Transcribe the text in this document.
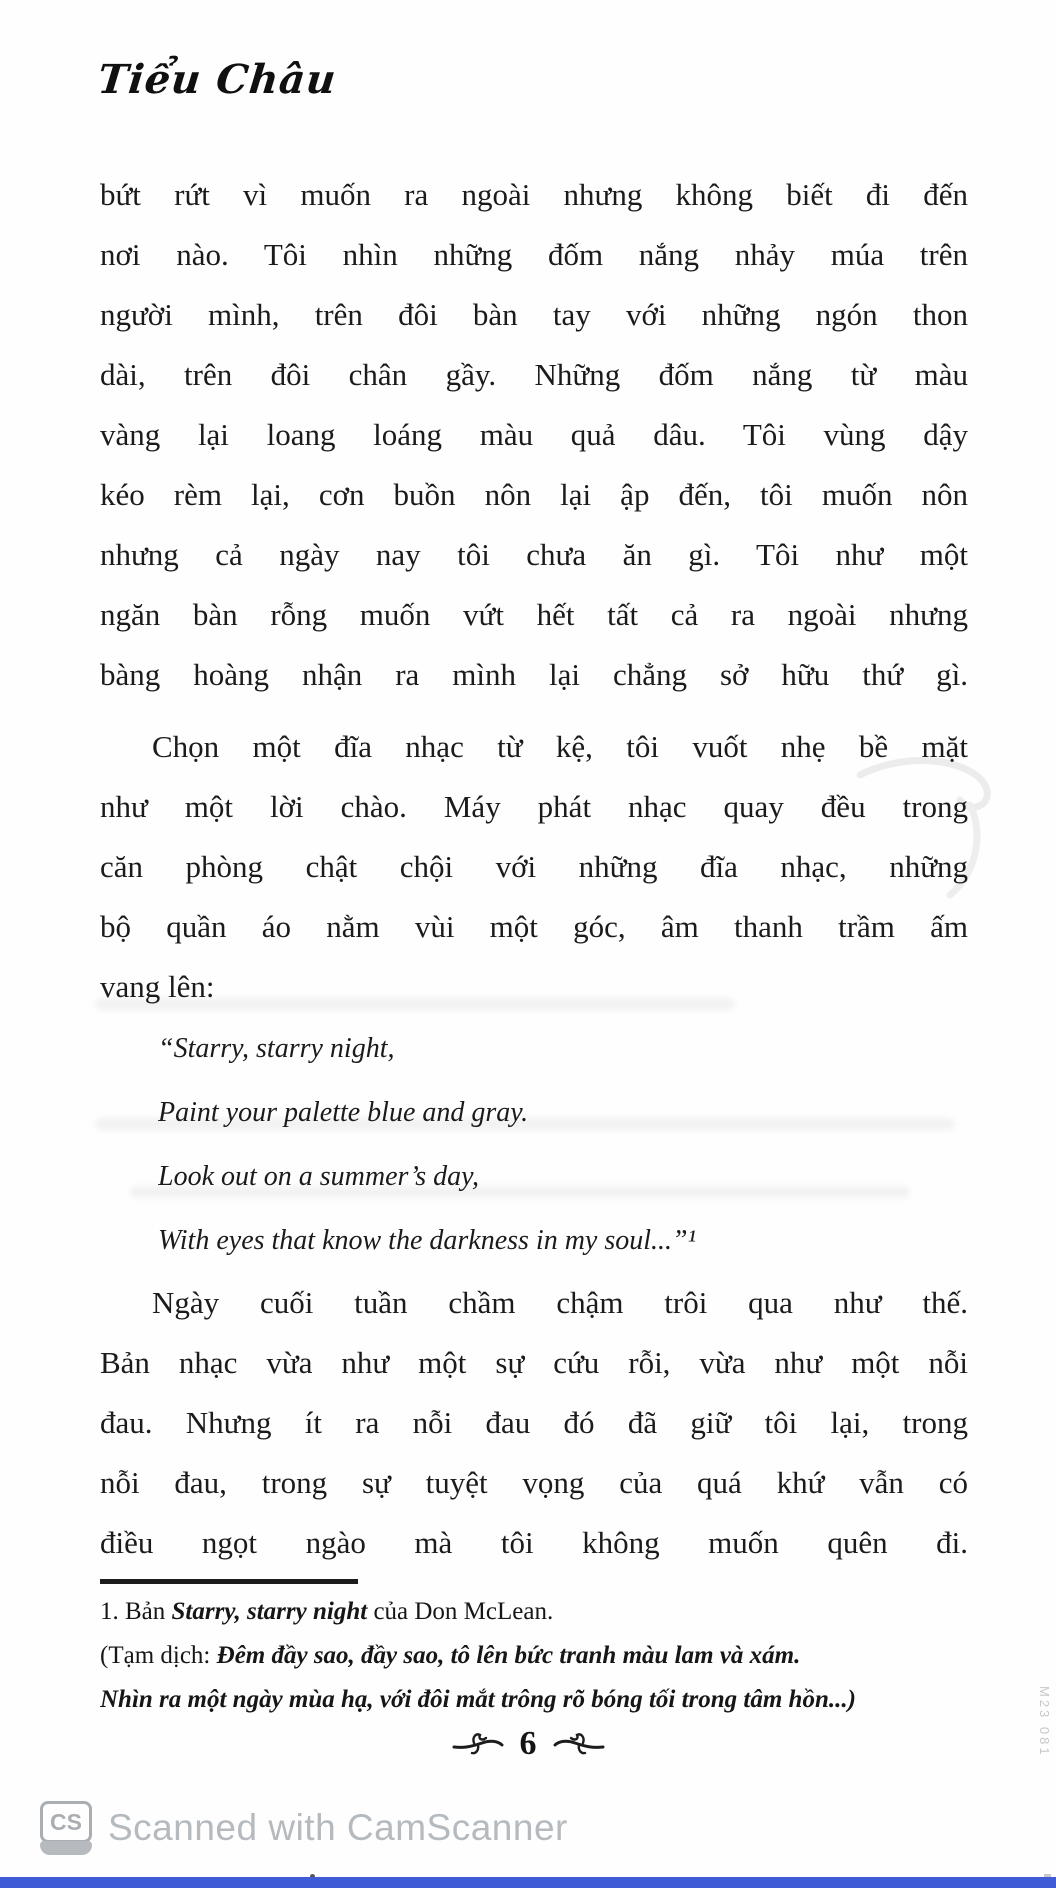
Tiểu Châu
bứt rứt vì muốn ra ngoài nhưng không biết đi đến
nơi nào. Tôi nhìn những đốm nắng nhảy múa trên
người mình, trên đôi bàn tay với những ngón thon
dài, trên đôi chân gầy. Những đốm nắng từ màu
vàng lại loang loáng màu quả dâu. Tôi vùng dậy
kéo rèm lại, cơn buồn nôn lại ập đến, tôi muốn nôn
nhưng cả ngày nay tôi chưa ăn gì. Tôi như một
ngăn bàn rỗng muốn vứt hết tất cả ra ngoài nhưng
bàng hoàng nhận ra mình lại chẳng sở hữu thứ gì.
Chọn một đĩa nhạc từ kệ, tôi vuốt nhẹ bề mặt
như một lời chào. Máy phát nhạc quay đều trong
căn phòng chật chội với những đĩa nhạc, những
bộ quần áo nằm vùi một góc, âm thanh trầm ấm
vang lên:
“Starry, starry night,
Paint your palette blue and gray.
Look out on a summer’s day,
With eyes that know the darkness in my soul...”¹
Ngày cuối tuần chầm chậm trôi qua như thế.
Bản nhạc vừa như một sự cứu rỗi, vừa như một nỗi
đau. Nhưng ít ra nỗi đau đó đã giữ tôi lại, trong
nỗi đau, trong sự tuyệt vọng của quá khứ vẫn có
điều ngọt ngào mà tôi không muốn quên đi.
1. Bản Starry, starry night của Don McLean.
(Tạm dịch: Đêm đầy sao, đầy sao, tô lên bức tranh màu lam và xám.
Nhìn ra một ngày mùa hạ, với đôi mắt trông rõ bóng tối trong tâm hồn...)
6
CS Scanned with CamScanner
M23 081
